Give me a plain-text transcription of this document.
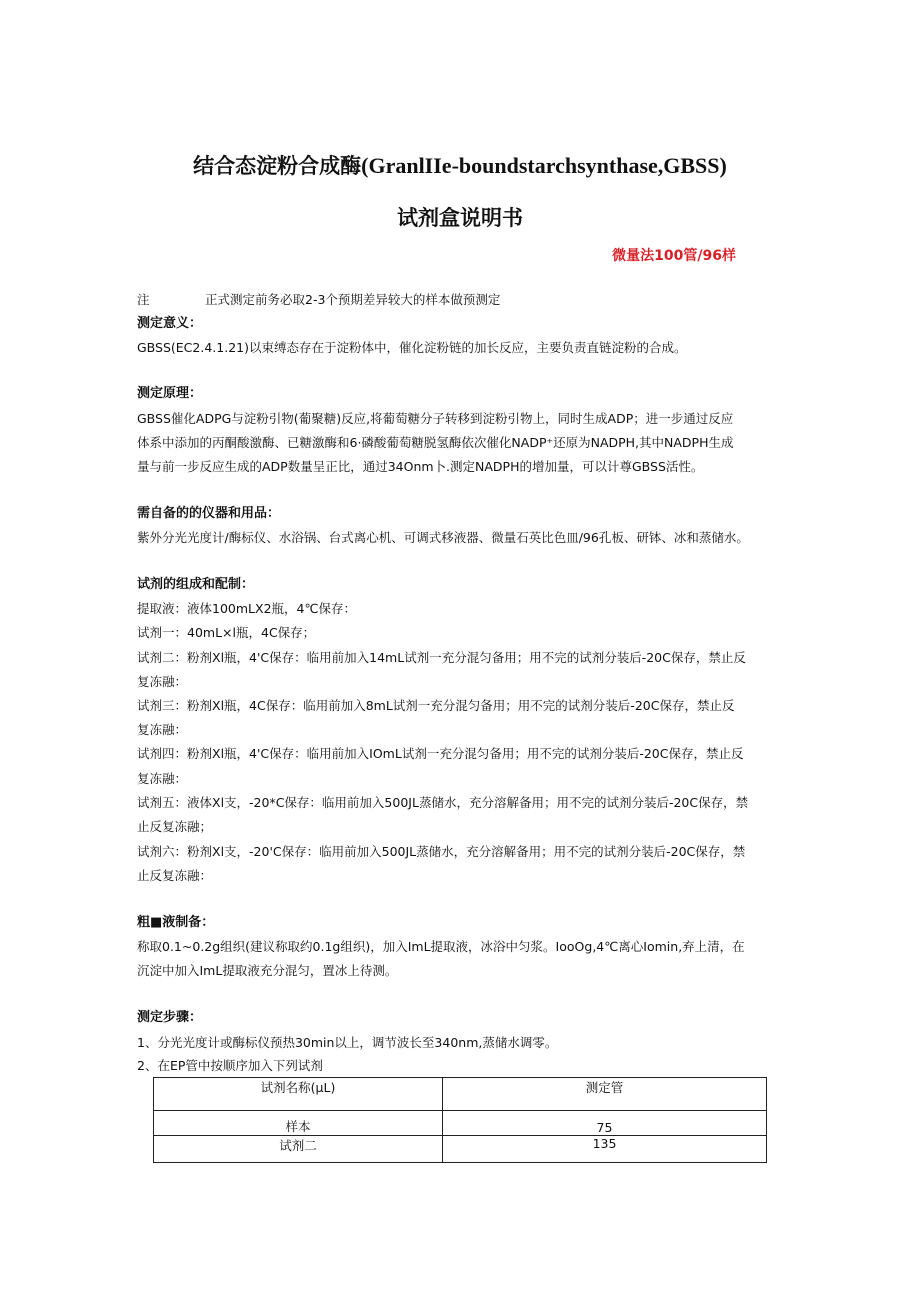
结合态淀粉合成酶(GranlIIe-boundstarchsynthase,GBSS)
试剂盒说明书
微量法100管/96样
注	正式测定前务必取2-3个预期差异较大的样本做预测定
测定意义：
GBSS(EC2.4.1.21)以束缚态存在于淀粉体中，催化淀粉链的加长反应，主要负责直链淀粉的合成。
测定原理：
GBSS催化ADPG与淀粉引物(葡聚糖)反应,将葡萄糖分子转移到淀粉引物上，同时生成ADP；进一步通过反应
体系中添加的丙酮酸激酶、已糖激酶和6·磷酸葡萄糖脱氢酶依次催化NADP⁺还原为NADPH,其中NADPH生成
量与前一步反应生成的ADP数量呈正比，通过34Onm卜.测定NADPH的增加量，可以计尊GBSS活性。
需自备的的仪器和用品：
紫外分光光度计/酶标仪、水浴锅、台式离心机、可调式移液器、微量石英比色皿/96孔板、研钵、冰和蒸储水。
试剂的组成和配制：
提取液：液体100mLX2瓶，4℃保存：
试剂一：40mL×l瓶，4C保存；
试剂二：粉剂Xl瓶，4'C保存：临用前加入14mL试剂一充分混匀备用；用不完的试剂分装后-20C保存，禁止反
复冻融：
试剂三：粉剂Xl瓶，4C保存：临用前加入8mL试剂一充分混匀备用；用不完的试剂分装后-20C保存，禁止反
复冻融：
试剂四：粉剂Xl瓶，4'C保存：临用前加入IOmL试剂一充分混匀备用；用不完的试剂分装后-20C保存，禁止反
复冻融：
试剂五：液体Xl支，-20*C保存：临用前加入500JL蒸储水，充分溶解备用；用不完的试剂分装后-20C保存，禁
止反复冻融；
试剂六：粉剂Xl支，-20'C保存：临用前加入500JL蒸储水，充分溶解备用；用不完的试剂分装后-20C保存，禁
止反复冻融：
粗■液制备：
称取0.1~0.2g组织(建议称取约0.1g组织)，加入ImL提取液，冰浴中匀浆。IooOg,4℃离心Iomin,弃上清，在
沉淀中加入ImL提取液充分混匀，置冰上待测。
测定步骤：
1、分光光度计或酶标仪预热30min以上，调节波长至340nm,蒸储水调零。
2、在EP管中按顺序加入下列试剂
试剂名称(μL)	测定管
样本	75
试剂二	135
